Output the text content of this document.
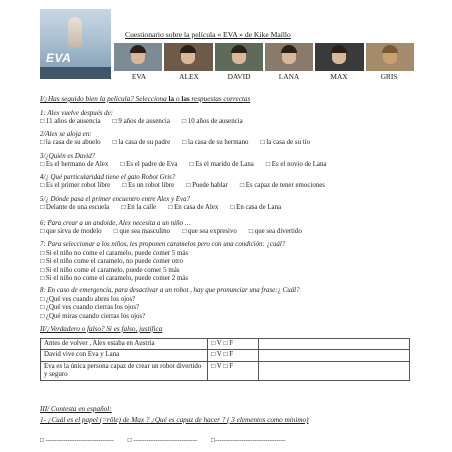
EVA
Cuestionario sobre la película « EVA » de Kike Maíllo
EVA	ALEX	DAVID	LANA	MAX	GRIS
I/¿Has seguido bien la película? Selecciona la o las respuestas correctas
1: Alex vuelve después de:
□ 11 años de ausencia □ 9 años de ausencia □ 10 años de ausencia
2/Alex se aloja en:
□ la casa de su abuelo □ la casa de su padre □ la casa de su hermano □ la casa de su tío
3/¿Quién es David?
□ Es el hermano de Alex □ Es el padre de Eva □ Es el marido de Lana □ Es el novio de Lana
4/¿ Qué particularidad tiene el gato Robot Gris?
□ Es el primer robot libre □ Es un robot libre □ Puede hablar □ Es capaz de tener emociones
5/¿ Dónde pasa el primer encuentro entre Alex y Eva?
□ Delante de una escuela □ En la calle □ En casa de Alex □ En casa de Lana
6: Para crear a un andoide, Alex necesita a un niño …
□ que sirva de modelo □ que sea masculino □ que sea expresivo □ que sea divertido
7: Para seleccionar a los niños, les proponen caramelos pero con una condición: ¿cuál?
□ Si el niño no come el caramelo, puede comer 5 más
□ Si el niño come el caramelo, no puede comer otro
□ Si el niño come el caramelo, puede comer 5 más
□ Si el niño no come el caramelo, puede comer 2 más
8: En caso de emergencia, para desactivar a un robot , hay que pronunciar una frase:¿ Cuál?
□ ¿Qué ves cuando abres los ojos?
□ ¿Qué ves cuando cierras los ojos?
□ ¿Qué miras cuando cierras los ojos?
II/¿Verdadero o falso? Si es falso, justifica
Antes de volver , Alex estaba en Austria	□ V □ F	
David vive con Eva y Lana	□ V □ F	
Eva es la única persona capaz de crear un robot divertido y seguro	□ V □ F	
III/ Contesta en español:
1- ¿Cuál es el papel (=rôle) de Max ? ¿Qué es capaz de hacer ? ( 3 elementos como mínimo)
□ ------------------------------- □ ----------------------------- □--------------------------------
